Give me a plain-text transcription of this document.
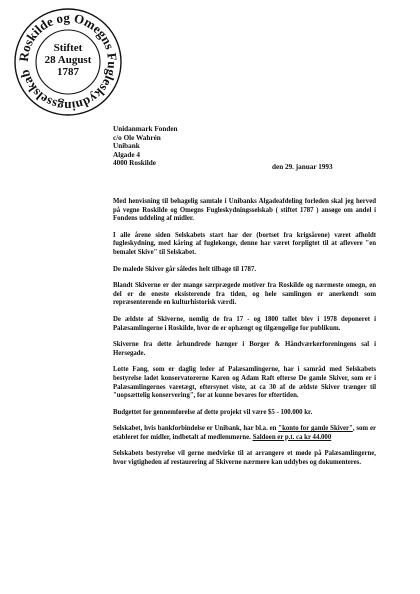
Roskilde og Omegns Fugleskydningsselskab
Stiftet
28 August
1787
Unidanmark Fonden
c/o Ole Wahrén
Unibank
Algade 4
4000 Roskilde	den 29. januar 1993

Med henvisning til behagelig samtale i Unibanks Algadeafdeling forleden skal jeg herved på vegne Roskilde og Omegns Fugleskydningsselskab ( stiftet 1787 ) ansøge om andel i Fondens uddeling af midler.

I alle årene siden Selskabets start har der (bortset fra krigsårene) været afholdt fugleskydning, med kåring af fuglekonge, denne har været forpligtet til at aflevere "en bemalet Skive" til Selskabet.

De malede Skiver går således helt tilbage til 1787.

Blandt Skiverne er der mange særprægede motiver fra Roskilde og nærmeste omegn, en del er de eneste eksisterende fra tiden, og hele samlingen er anerkendt som repræsenterende en kulturhistorisk værdi.

De ældste af Skiverne, nemlig de fra 17 - og 1800 tallet blev i 1978 deponeret i Palæsamlingerne i Roskilde, hvor de er ophængt og tilgængelige for publikum.

Skiverne fra dette århundrede hænger i Borger & Håndværkerforeningens sal i Hersegade.

Lotte Fang, som er daglig leder af Palæsamlingerne, har i samråd med Selskabets bestyrelse ladet konservatorerne Karen og Adam Raft efterse De gamle Skiver, som er i Palæsamlingernes varetægt, eftersynet viste, at ca 30 af de ældste Skiver trænger til "uopsættelig konservering", for at kunne bevares for eftertiden.

Budgettet for gennemførelse af dette projekt vil være $5 - 100.000 kr.

Selskabet, hvis bankforbindelse er Unibank, har bl.a. en "konto for gamle Skiver", som er etableret for midler, indbetalt af medlemmerne. Saldoen er p.t. ca kr 44.000

Selskabets bestyrelse vil gerne medvirke til at arrangere et møde på Palæsamlingerne, hvor vigtigheden af restaurering af Skiverne nærmere kan uddybes og dokumenteres.
